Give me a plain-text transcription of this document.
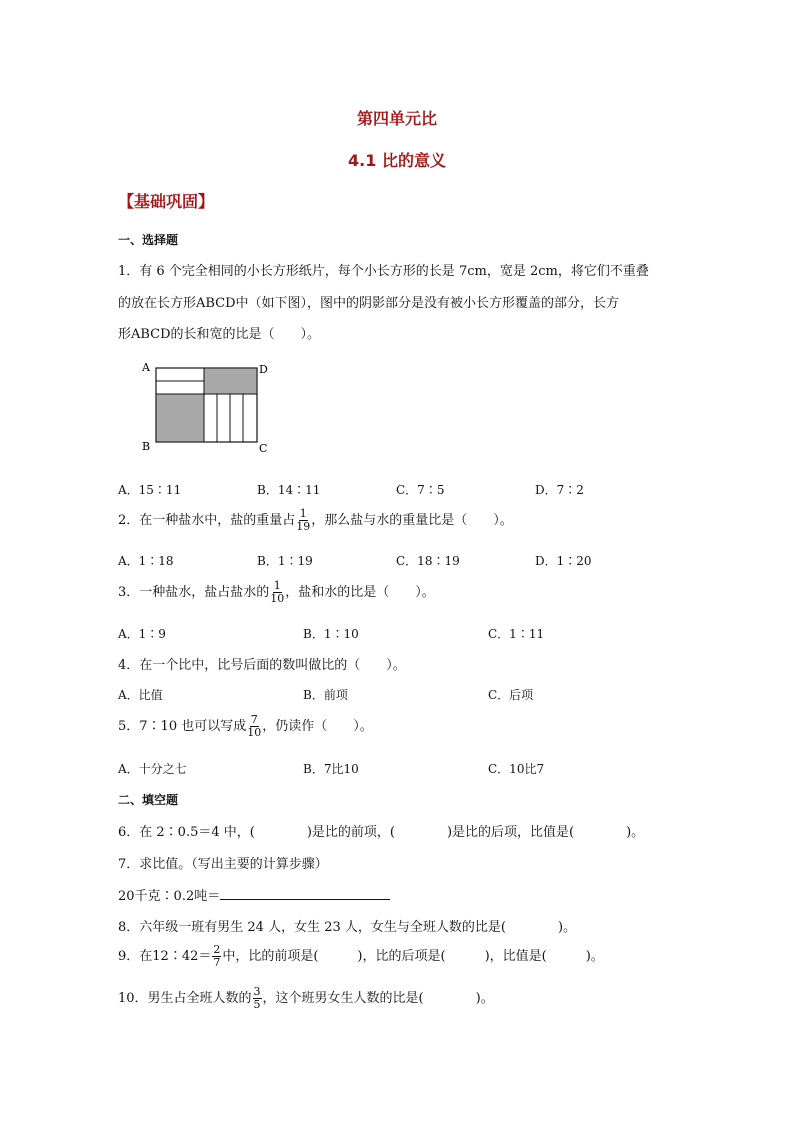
第四单元比
4.1 比的意义
【基础巩固】
一、选择题
1．有 6 个完全相同的小长方形纸片，每个小长方形的长是 7cm，宽是 2cm，将它们不重叠
的放在长方形ABCD中（如下图），图中的阴影部分是没有被小长方形覆盖的部分，长方
形ABCD的长和宽的比是（　　）。
A	D
B	C
A．15∶11	B．14∶11	C．7∶5	D．7∶2
2．在一种盐水中，盐的重量占 $\frac{1}{19}$ ，那么盐与水的重量比是（　　）。
A．1∶18	B．1∶19	C．18∶19	D．1∶20
3．一种盐水，盐占盐水的 $\frac{1}{10}$ ，盐和水的比是（　　）。
A．1∶9	B．1∶10	C．1∶11
4．在一个比中，比号后面的数叫做比的（　　）。
A．比值	B．前项	C．后项
5．7∶10 也可以写成 $\frac{7}{10}$ ，仍读作（　　）。
A．十分之七	B．7比10	C．10比7
二、填空题
6．在 2∶0.5＝4 中，(　　　　)是比的前项，(　　　　)是比的后项，比值是(　　　　)。
7．求比值。（写出主要的计算步骤）
20千克∶0.2吨＝
8．六年级一班有男生 24 人，女生 23 人，女生与全班人数的比是(　　　　)。
9．在12∶42＝ $\frac{2}{7}$ 中，比的前项是(　　　)，比的后项是(　　　)，比值是(　　　)。
10．男生占全班人数的 $\frac{3}{5}$ ，这个班男女生人数的比是(　　　　)。
